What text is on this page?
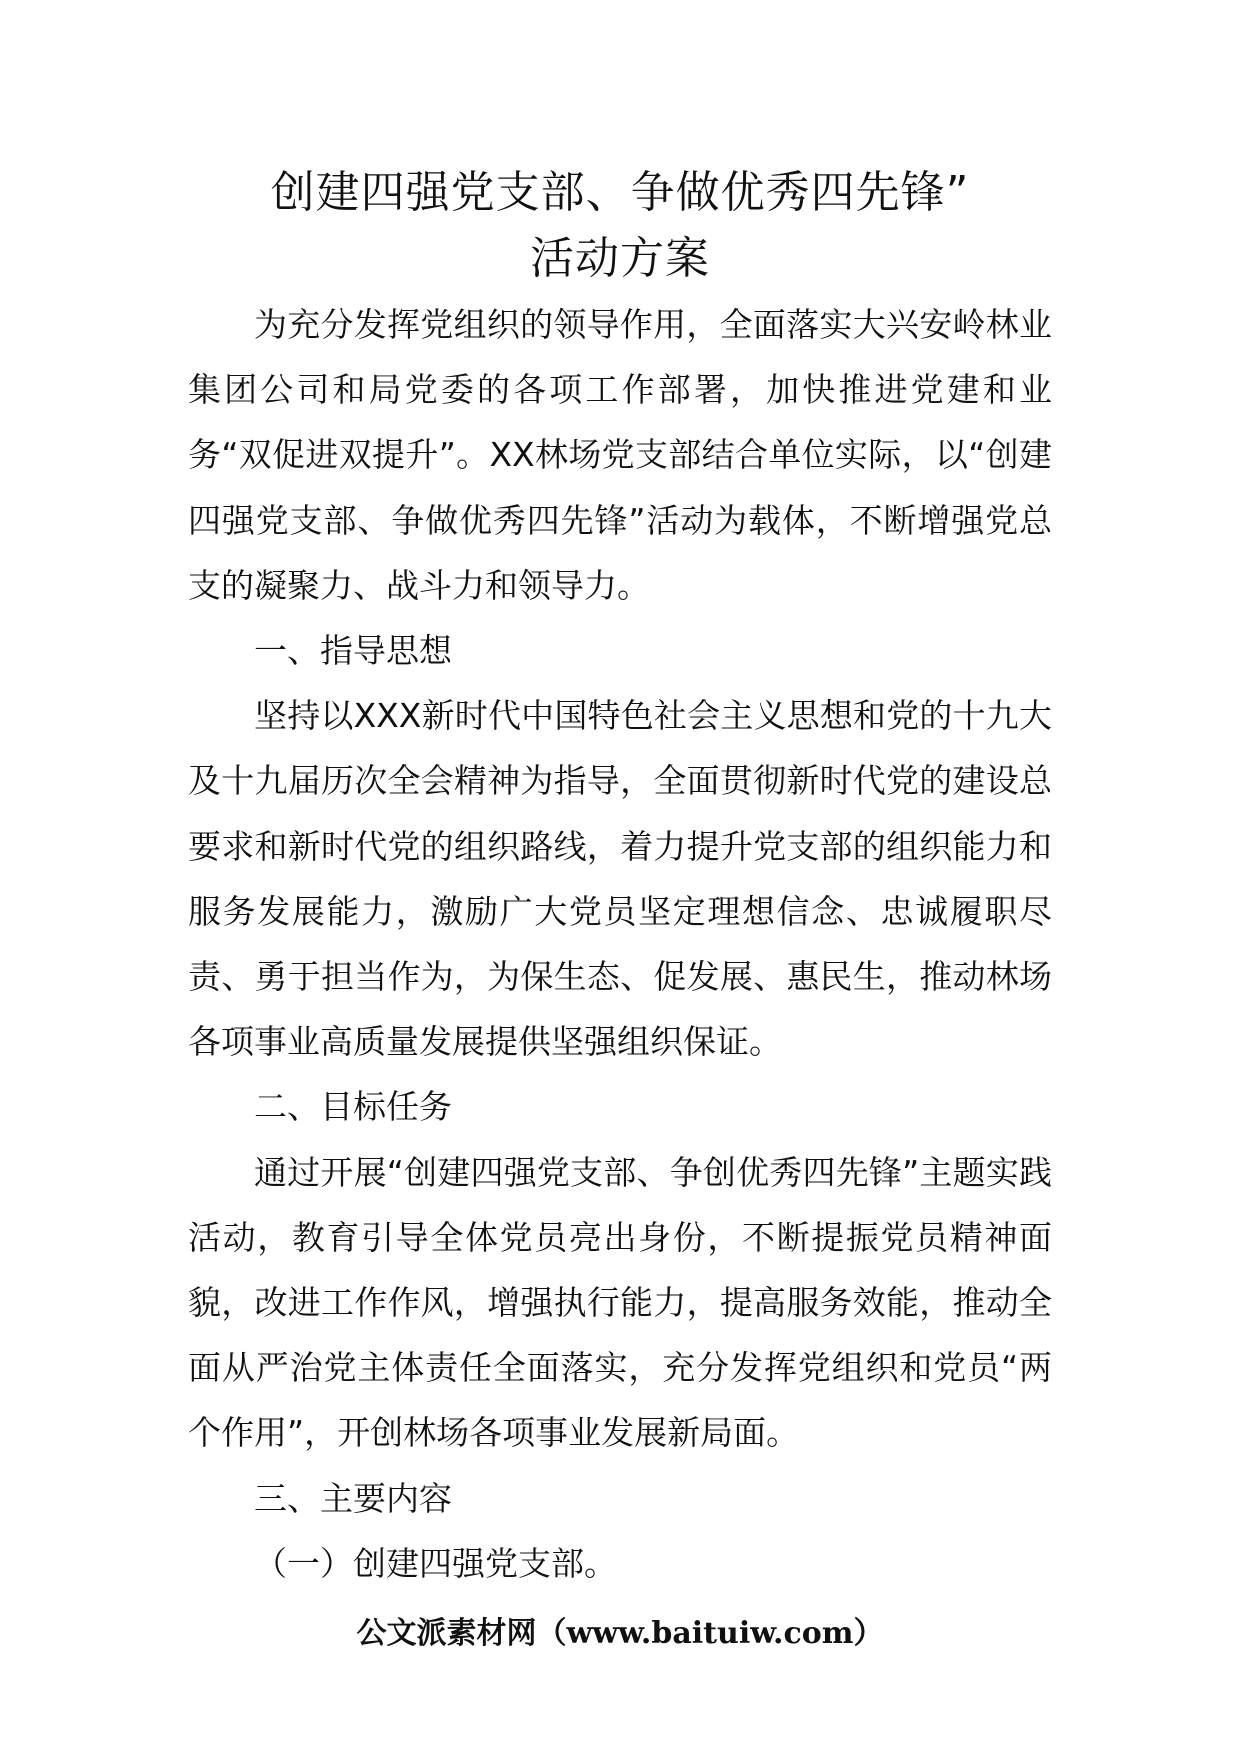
创建四强党支部、争做优秀四先锋”
活动方案

为充分发挥党组织的领导作用，全面落实大兴安岭林业集团公司和局党委的各项工作部署，加快推进党建和业务“双促进双提升”。XX林场党支部结合单位实际，以“创建四强党支部、争做优秀四先锋”活动为载体，不断增强党总支的凝聚力、战斗力和领导力。

一、指导思想

坚持以XXX新时代中国特色社会主义思想和党的十九大及十九届历次全会精神为指导，全面贯彻新时代党的建设总要求和新时代党的组织路线，着力提升党支部的组织能力和服务发展能力，激励广大党员坚定理想信念、忠诚履职尽责、勇于担当作为，为保生态、促发展、惠民生，推动林场各项事业高质量发展提供坚强组织保证。

二、目标任务

通过开展“创建四强党支部、争创优秀四先锋”主题实践活动，教育引导全体党员亮出身份，不断提振党员精神面貌，改进工作作风，增强执行能力，提高服务效能，推动全面从严治党主体责任全面落实，充分发挥党组织和党员“两个作用”，开创林场各项事业发展新局面。

三、主要内容

（一）创建四强党支部。

公文派素材网（www.baituiw.com）
